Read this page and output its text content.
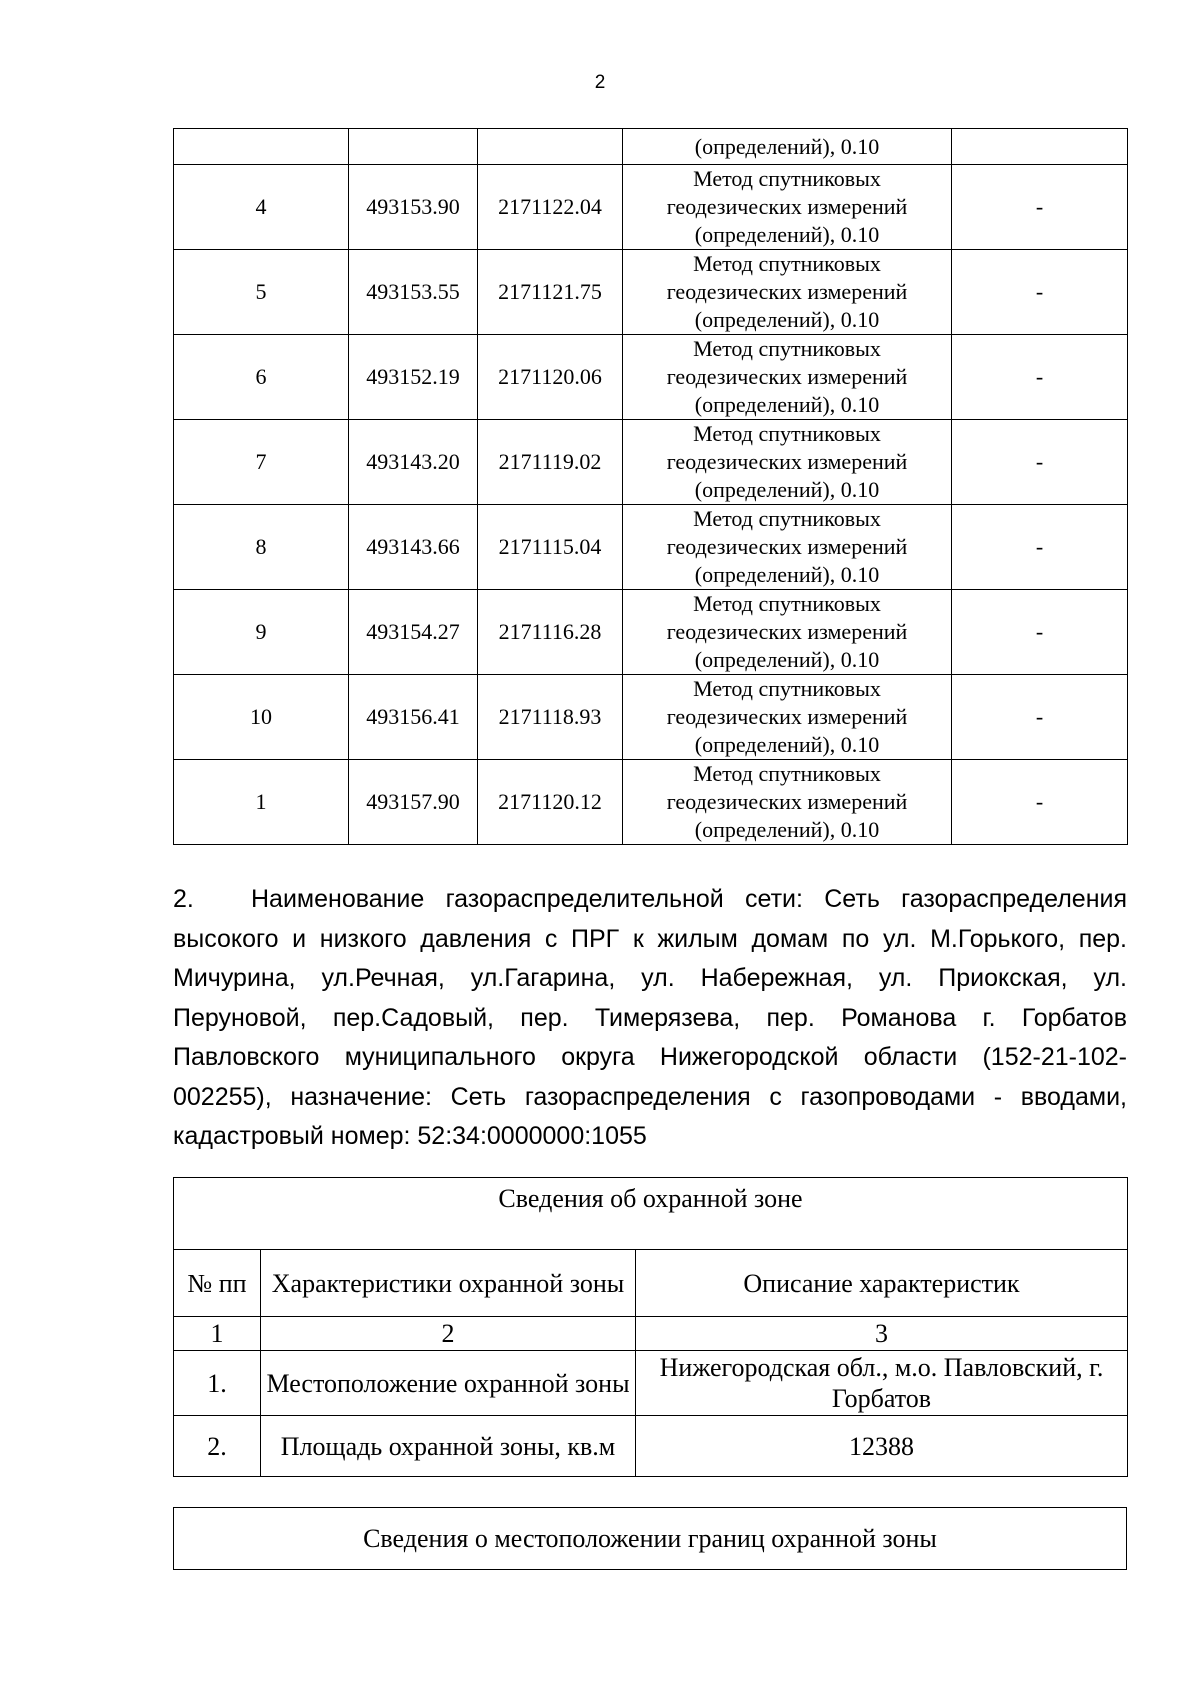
2
			(определений), 0.10	
4	493153.90	2171122.04	Метод спутниковых
геодезических измерений
(определений), 0.10	-
5	493153.55	2171121.75	Метод спутниковых
геодезических измерений
(определений), 0.10	-
6	493152.19	2171120.06	Метод спутниковых
геодезических измерений
(определений), 0.10	-
7	493143.20	2171119.02	Метод спутниковых
геодезических измерений
(определений), 0.10	-
8	493143.66	2171115.04	Метод спутниковых
геодезических измерений
(определений), 0.10	-
9	493154.27	2171116.28	Метод спутниковых
геодезических измерений
(определений), 0.10	-
10	493156.41	2171118.93	Метод спутниковых
геодезических измерений
(определений), 0.10	-
1	493157.90	2171120.12	Метод спутниковых
геодезических измерений
(определений), 0.10	-

2. Наименование газораспределительной сети: Сеть газораспределения высокого и низкого давления с ПРГ к жилым домам по ул. М.Горького, пер. Мичурина, ул.Речная, ул.Гагарина, ул. Набережная, ул. Приокская, ул. Перуновой, пер.Садовый, пер. Тимерязева, пер. Романова г. Горбатов Павловского муниципального округа Нижегородской области (152-21-102-002255), назначение: Сеть газораспределения с газопроводами - вводами, кадастровый номер: 52:34:0000000:1055

Сведения об охранной зоне		
№ пп	Характеристики охранной зоны	Описание характеристик
1	2	3
1.	Местоположение охранной зоны	Нижегородская обл., м.о. Павловский, г. Горбатов
2.	Площадь охранной зоны, кв.м	12388
Сведения о местоположении границ охранной зоны
